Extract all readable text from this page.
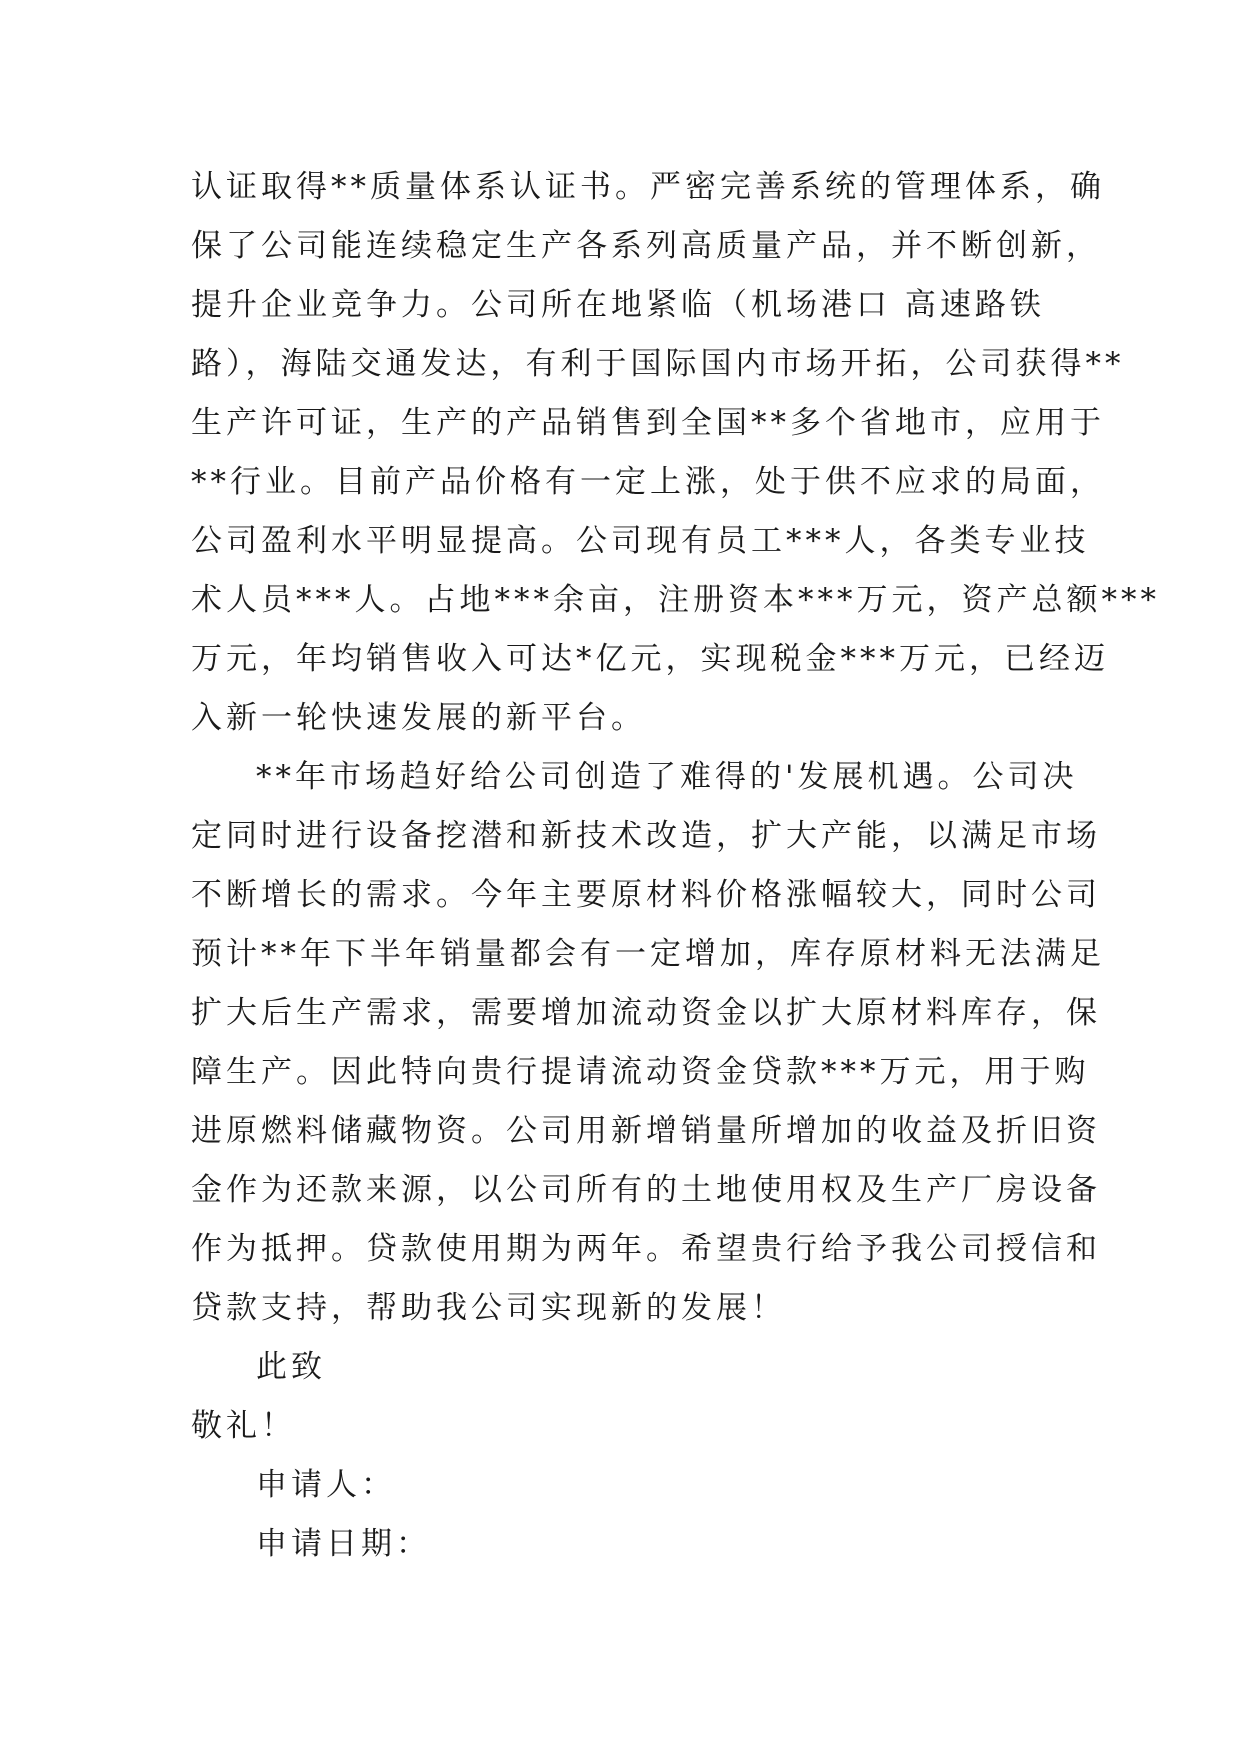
认证取得**质量体系认证书。严密完善系统的管理体系，确
保了公司能连续稳定生产各系列高质量产品，并不断创新，
提升企业竞争力。公司所在地紧临（机场港口 高速路铁
路），海陆交通发达，有利于国际国内市场开拓，公司获得**
生产许可证，生产的产品销售到全国**多个省地市，应用于
**行业。目前产品价格有一定上涨，处于供不应求的局面，
公司盈利水平明显提高。公司现有员工***人，各类专业技
术人员***人。占地***余亩，注册资本***万元，资产总额***
万元，年均销售收入可达*亿元，实现税金***万元，已经迈
入新一轮快速发展的新平台。
**年市场趋好给公司创造了难得的'发展机遇。公司决
定同时进行设备挖潜和新技术改造，扩大产能，以满足市场
不断增长的需求。今年主要原材料价格涨幅较大，同时公司
预计**年下半年销量都会有一定增加，库存原材料无法满足
扩大后生产需求，需要增加流动资金以扩大原材料库存，保
障生产。因此特向贵行提请流动资金贷款***万元，用于购
进原燃料储藏物资。公司用新增销量所增加的收益及折旧资
金作为还款来源，以公司所有的土地使用权及生产厂房设备
作为抵押。贷款使用期为两年。希望贵行给予我公司授信和
贷款支持，帮助我公司实现新的发展！
此致
敬礼！
申请人：
申请日期：
